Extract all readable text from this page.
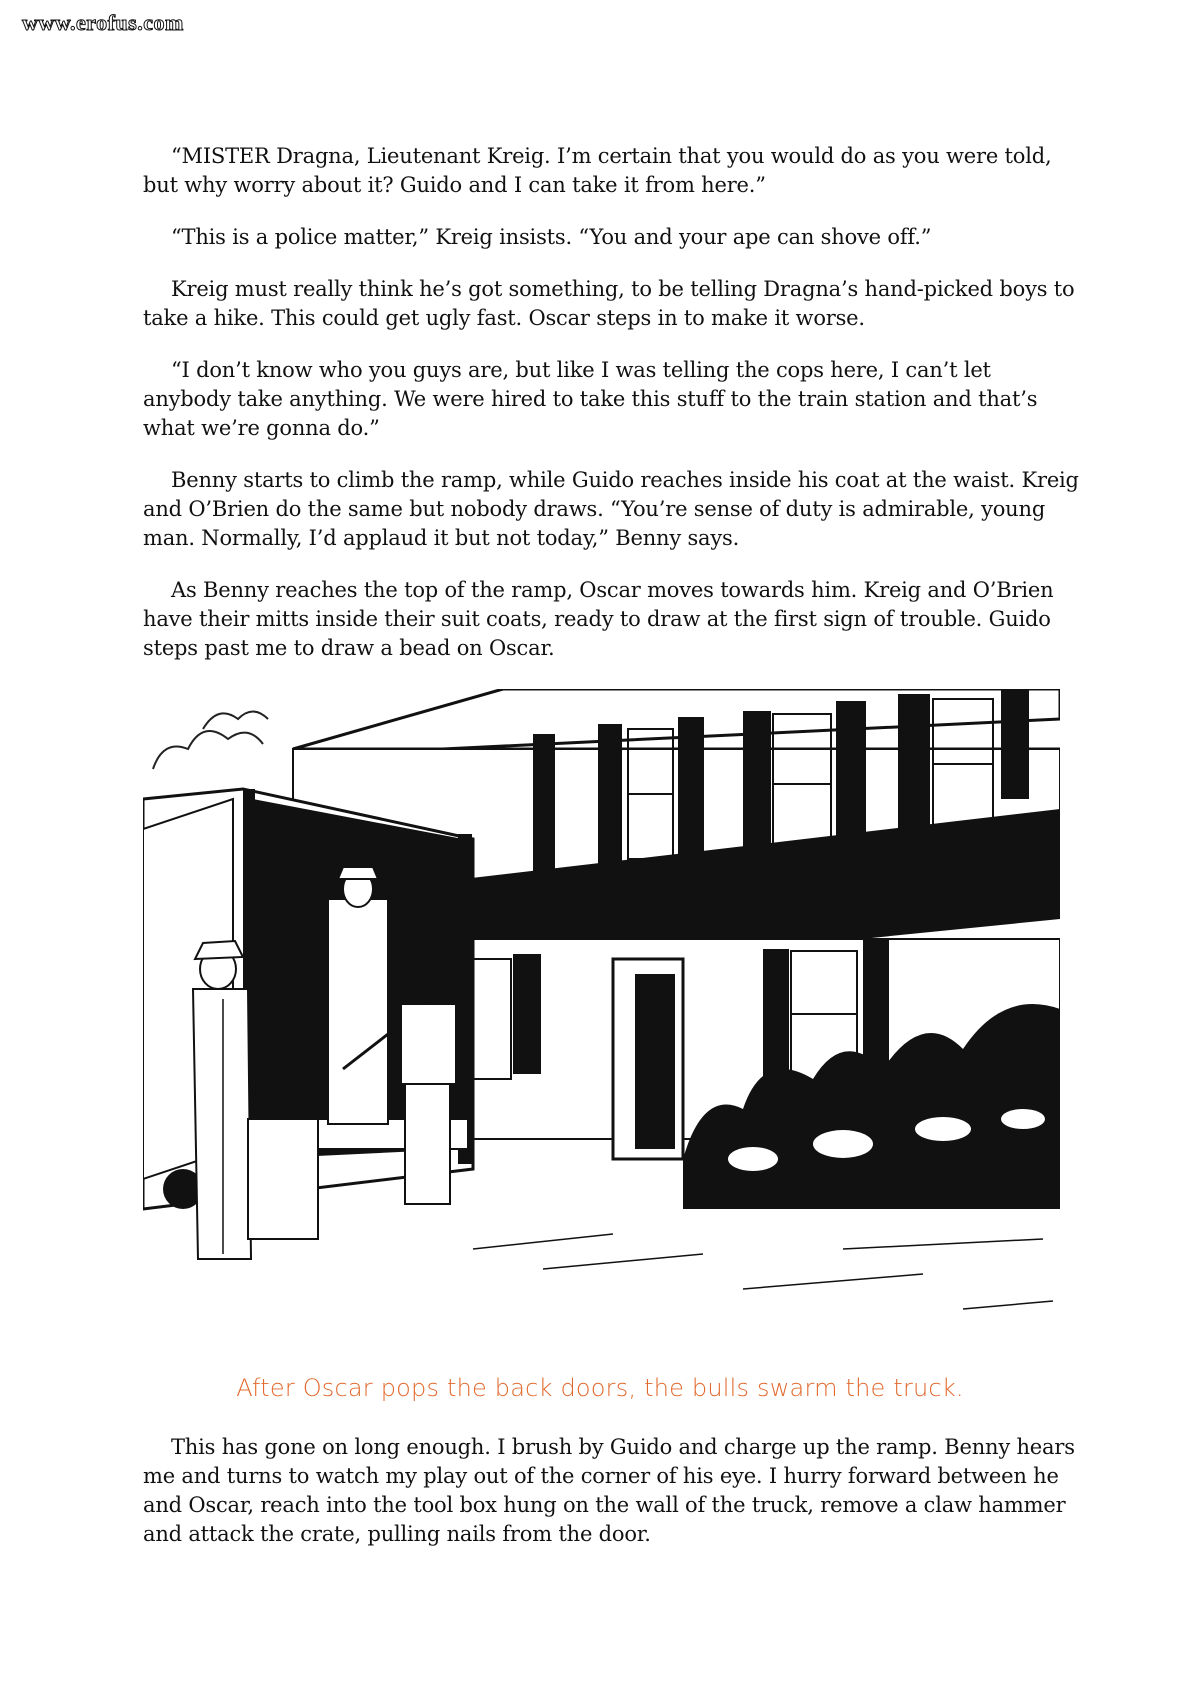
www.erofus.com

“MISTER Dragna, Lieutenant Kreig. I’m certain that you would do as you were told, but why worry about it? Guido and I can take it from here.”

“This is a police matter,” Kreig insists. “You and your ape can shove off.”

Kreig must really think he’s got something, to be telling Dragna’s hand-picked boys to take a hike. This could get ugly fast. Oscar steps in to make it worse.

“I don’t know who you guys are, but like I was telling the cops here, I can’t let anybody take anything. We were hired to take this stuff to the train station and that’s what we’re gonna do.”

Benny starts to climb the ramp, while Guido reaches inside his coat at the waist. Kreig and O’Brien do the same but nobody draws. “You’re sense of duty is admirable, young man. Normally, I’d applaud it but not today,” Benny says.

As Benny reaches the top of the ramp, Oscar moves towards him. Kreig and O’Brien have their mitts inside their suit coats, ready to draw at the first sign of trouble. Guido steps past me to draw a bead on Oscar.

After Oscar pops the back doors, the bulls swarm the truck.

This has gone on long enough. I brush by Guido and charge up the ramp. Benny hears me and turns to watch my play out of the corner of his eye. I hurry forward between he and Oscar, reach into the tool box hung on the wall of the truck, remove a claw hammer and attack the crate, pulling nails from the door.
